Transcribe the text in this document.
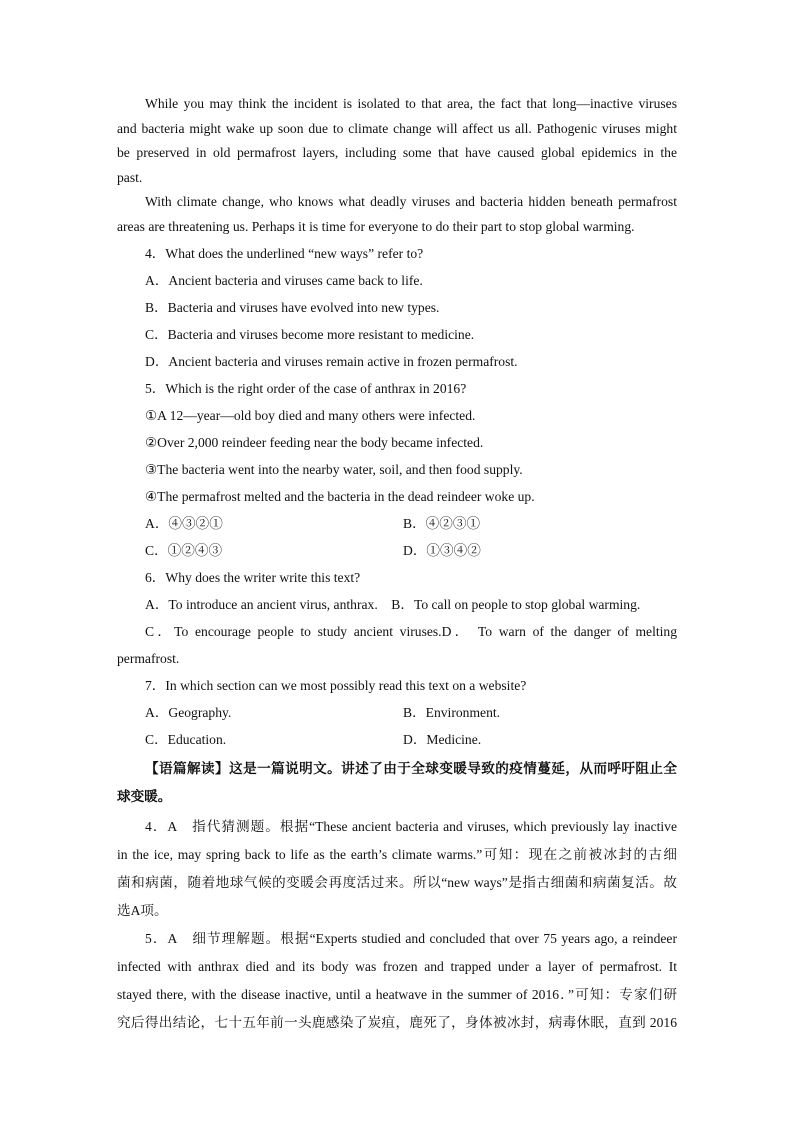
While you may think the incident is isolated to that area, the fact that long—inactive viruses

and bacteria might wake up soon due to climate change will affect us all. Pathogenic viruses might

be preserved in old permafrost layers, including some that have caused global epidemics in the

past.

With climate change, who knows what deadly viruses and bacteria hidden beneath permafrost

areas are threatening us. Perhaps it is time for everyone to do their part to stop global warming.

4．What does the underlined “new ways” refer to?

A．Ancient bacteria and viruses came back to life.

B．Bacteria and viruses have evolved into new types.

C．Bacteria and viruses become more resistant to medicine.

D．Ancient bacteria and viruses remain active in frozen permafrost.

5．Which is the right order of the case of anthrax in 2016?

①A 12—year—old boy died and many others were infected.

②Over 2,000 reindeer feeding near the body became infected.

③The bacteria went into the nearby water, soil, and then food supply.

④The permafrost melted and the bacteria in the dead reindeer woke up.

A．④③②①	B．④②③①
C．①②④③	D．①③④②

6．Why does the writer write this text?

A．To introduce an ancient virus, anthrax.    B．To call on people to stop global warming.

C．To encourage people to study ancient viruses.D． To warn of the danger of melting

permafrost.

7．In which section can we most possibly read this text on a website?

A．Geography.	B．Environment.
C．Education.	D．Medicine.

【语篇解读】这是一篇说明文。讲述了由于全球变暖导致的疫情蔓延，从而呼吁阻止全

球变暖。

4．A　指代猜测题。根据“These ancient bacteria and viruses, which previously lay inactive

in the ice, may spring back to life as the earth’s climate warms.”可知：现在之前被冰封的古细

菌和病菌，随着地球气候的变暖会再度活过来。所以“new ways”是指古细菌和病菌复活。故

选A项。

5．A　细节理解题。根据“Experts studied and concluded that over 75 years ago, a reindeer

infected with anthrax died and its body was frozen and trapped under a layer of permafrost. It

stayed there, with the disease inactive, until a heatwave in the summer of 2016．”可知：专家们研

究后得出结论，七十五年前一头鹿感染了炭疽，鹿死了，身体被冰封，病毒休眠，直到 2016
